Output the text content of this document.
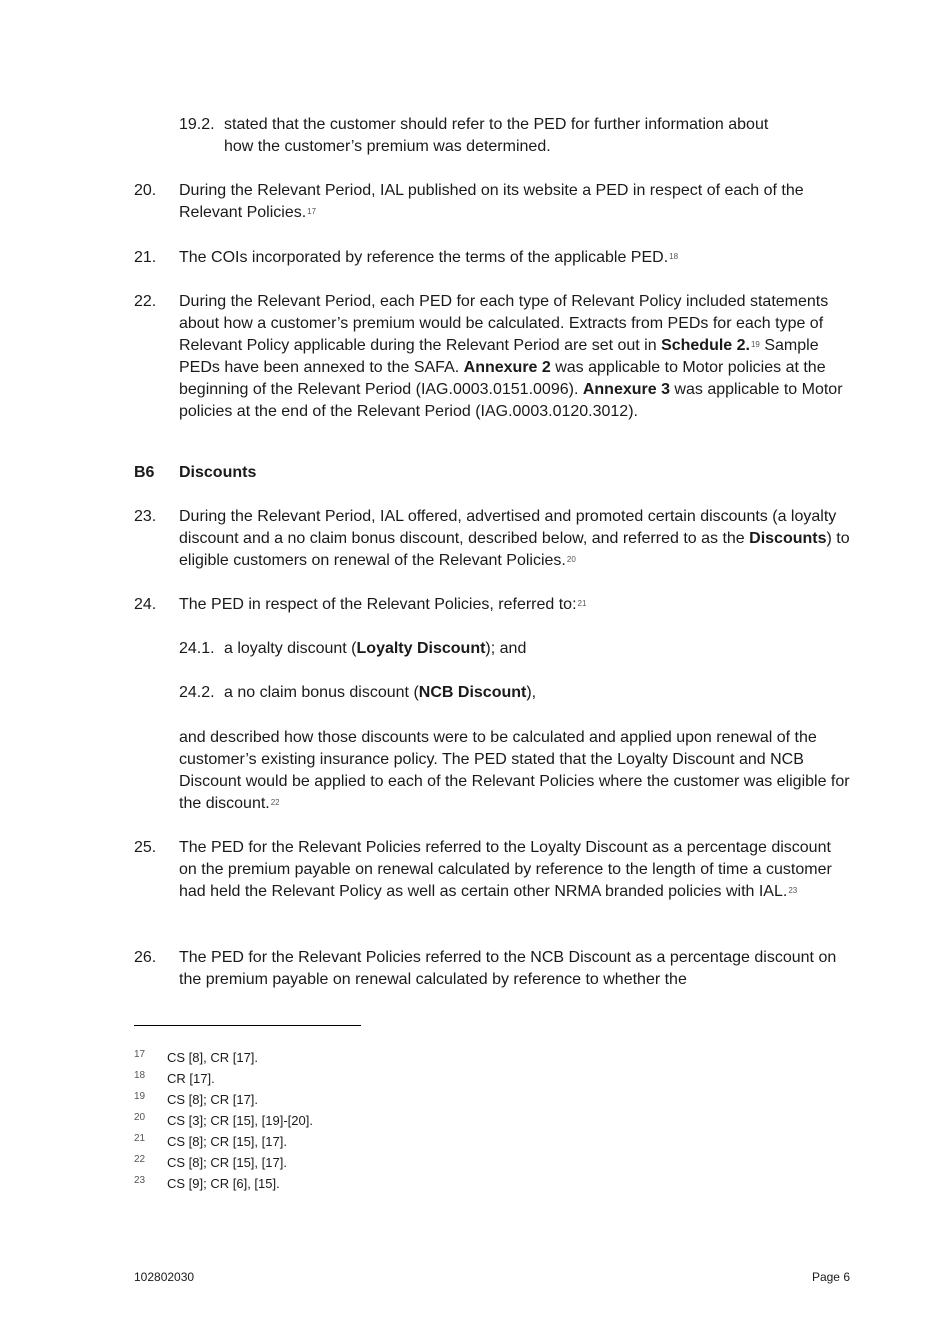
19.2. stated that the customer should refer to the PED for further information about
how the customer’s premium was determined.
20. During the Relevant Period, IAL published on its website a PED in respect of each of the Relevant Policies.$^{17}$
21. The COIs incorporated by reference the terms of the applicable PED.$^{18}$
22. During the Relevant Period, each PED for each type of Relevant Policy included statements about how a customer’s premium would be calculated. Extracts from PEDs for each type of Relevant Policy applicable during the Relevant Period are set out in Schedule 2.19 Sample PEDs have been annexed to the SAFA. Annexure 2 was applicable to Motor policies at the beginning of the Relevant Period (IAG.0003.0151.0096). Annexure 3 was applicable to Motor policies at the end of the Relevant Period (IAG.0003.0120.3012).
B6 Discounts
23. During the Relevant Period, IAL offered, advertised and promoted certain discounts (a loyalty discount and a no claim bonus discount, described below, and referred to as the Discounts) to eligible customers on renewal of the Relevant Policies.$^{20}$
24. The PED in respect of the Relevant Policies, referred to:$^{21}$
24.1. a loyalty discount (Loyalty Discount); and
24.2. a no claim bonus discount (NCB Discount),
and described how those discounts were to be calculated and applied upon renewal of the customer’s existing insurance policy. The PED stated that the Loyalty Discount and NCB Discount would be applied to each of the Relevant Policies where the customer was eligible for the discount.$^{22}$
25. The PED for the Relevant Policies referred to the Loyalty Discount as a percentage discount on the premium payable on renewal calculated by reference to the length of time a customer had held the Relevant Policy as well as certain other NRMA branded policies with IAL.$^{23}$
26. The PED for the Relevant Policies referred to the NCB Discount as a percentage discount on the premium payable on renewal calculated by reference to whether the
17 CS [8], CR [17].
18 CR [17].
19 CS [8]; CR [17].
20 CS [3]; CR [15], [19]-[20].
21 CS [8]; CR [15], [17].
22 CS [8]; CR [15], [17].
23 CS [9]; CR [6], [15].
102802030	Page 6
